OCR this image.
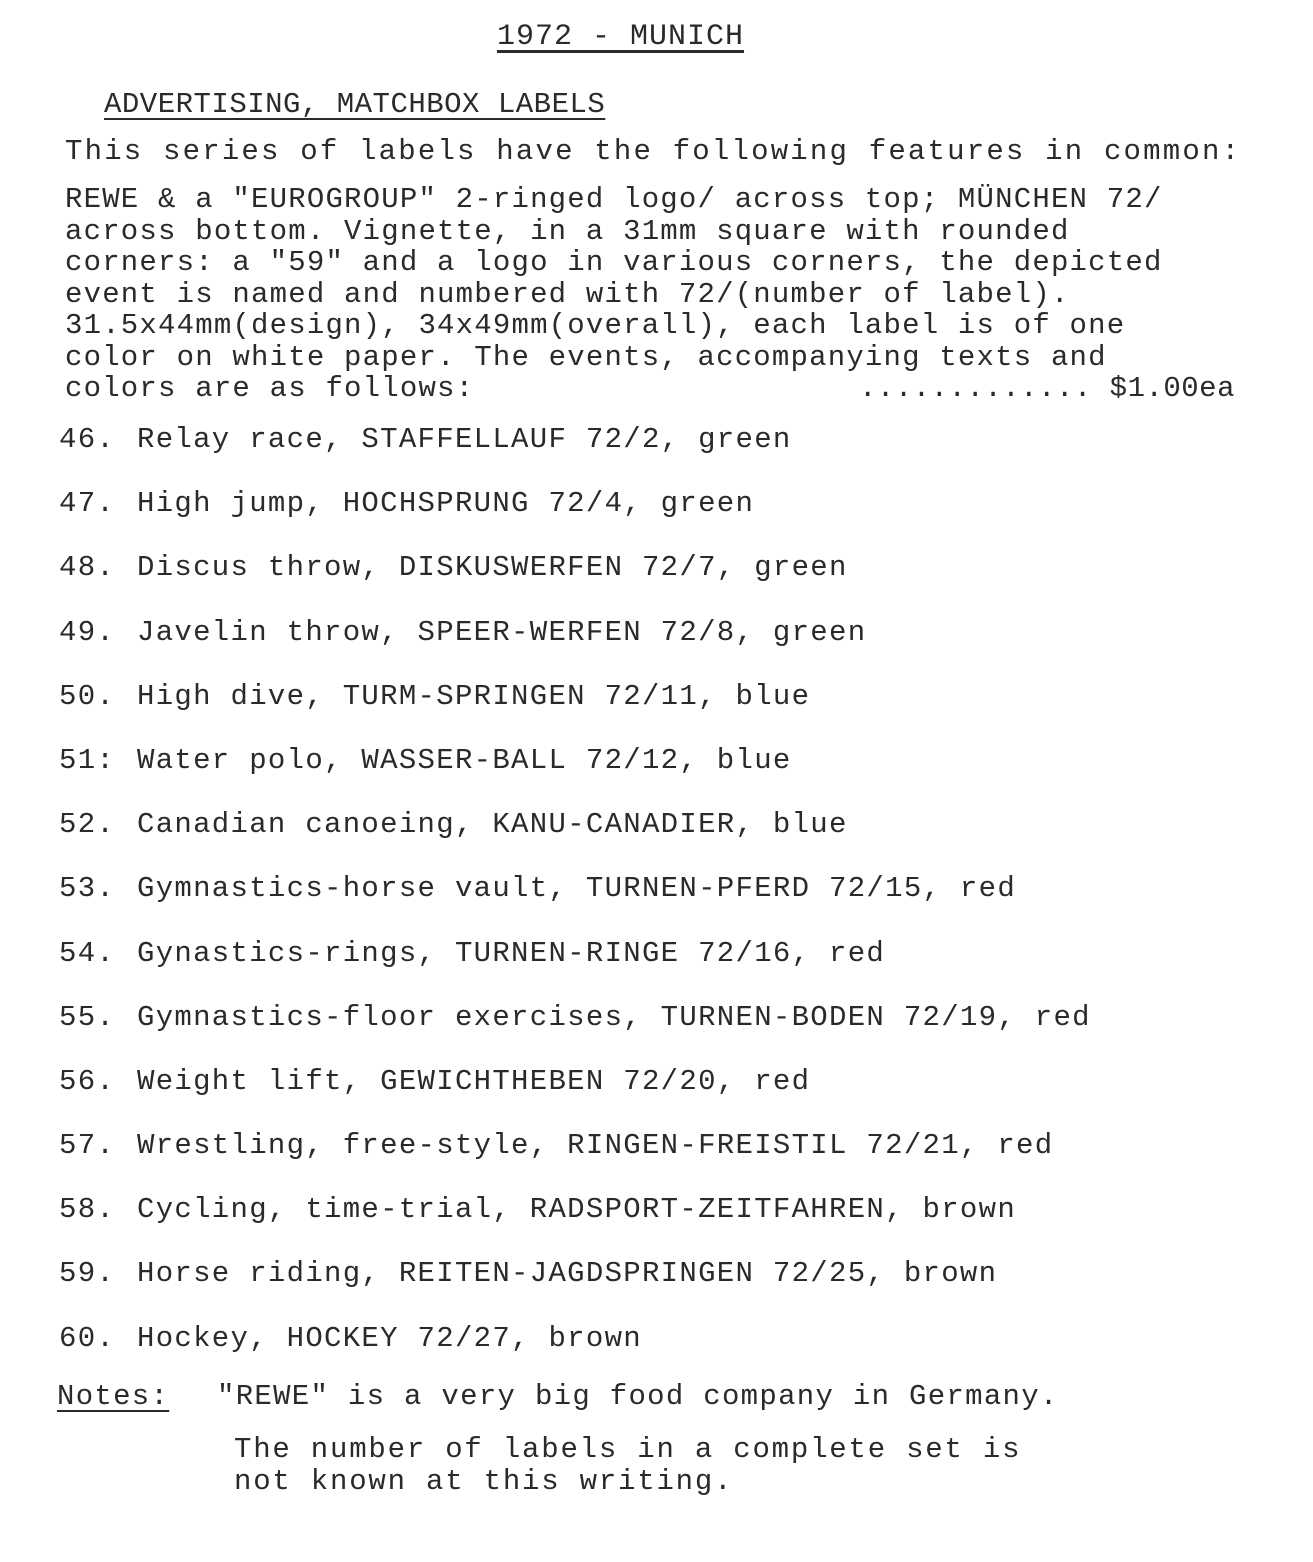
1972 - MUNICH
ADVERTISING, MATCHBOX LABELS
This series of labels have the following features in common:
REWE & a "EUROGROUP" 2-ringed logo/ across top; MÜNCHEN 72/
across bottom. Vignette, in a 31mm square with rounded
corners: a "59" and a logo in various corners, the depicted
event is named and numbered with 72/(number of label).
31.5x44mm(design), 34x49mm(overall), each label is of one
color on white paper. The events, accompanying texts and
colors are as follows:	............. $1.00ea
46. Relay race, STAFFELLAUF 72/2, green
47. High jump, HOCHSPRUNG 72/4, green
48. Discus throw, DISKUSWERFEN 72/7, green
49. Javelin throw, SPEER-WERFEN 72/8, green
50. High dive, TURM-SPRINGEN 72/11, blue
51: Water polo, WASSER-BALL 72/12, blue
52. Canadian canoeing, KANU-CANADIER, blue
53. Gymnastics-horse vault, TURNEN-PFERD 72/15, red
54. Gynastics-rings, TURNEN-RINGE 72/16, red
55. Gymnastics-floor exercises, TURNEN-BODEN 72/19, red
56. Weight lift, GEWICHTHEBEN 72/20, red
57. Wrestling, free-style, RINGEN-FREISTIL 72/21, red
58. Cycling, time-trial, RADSPORT-ZEITFAHREN, brown
59. Horse riding, REITEN-JAGDSPRINGEN 72/25, brown
60. Hockey, HOCKEY 72/27, brown
Notes: "REWE" is a very big food company in Germany.
The number of labels in a complete set is
not known at this writing.
